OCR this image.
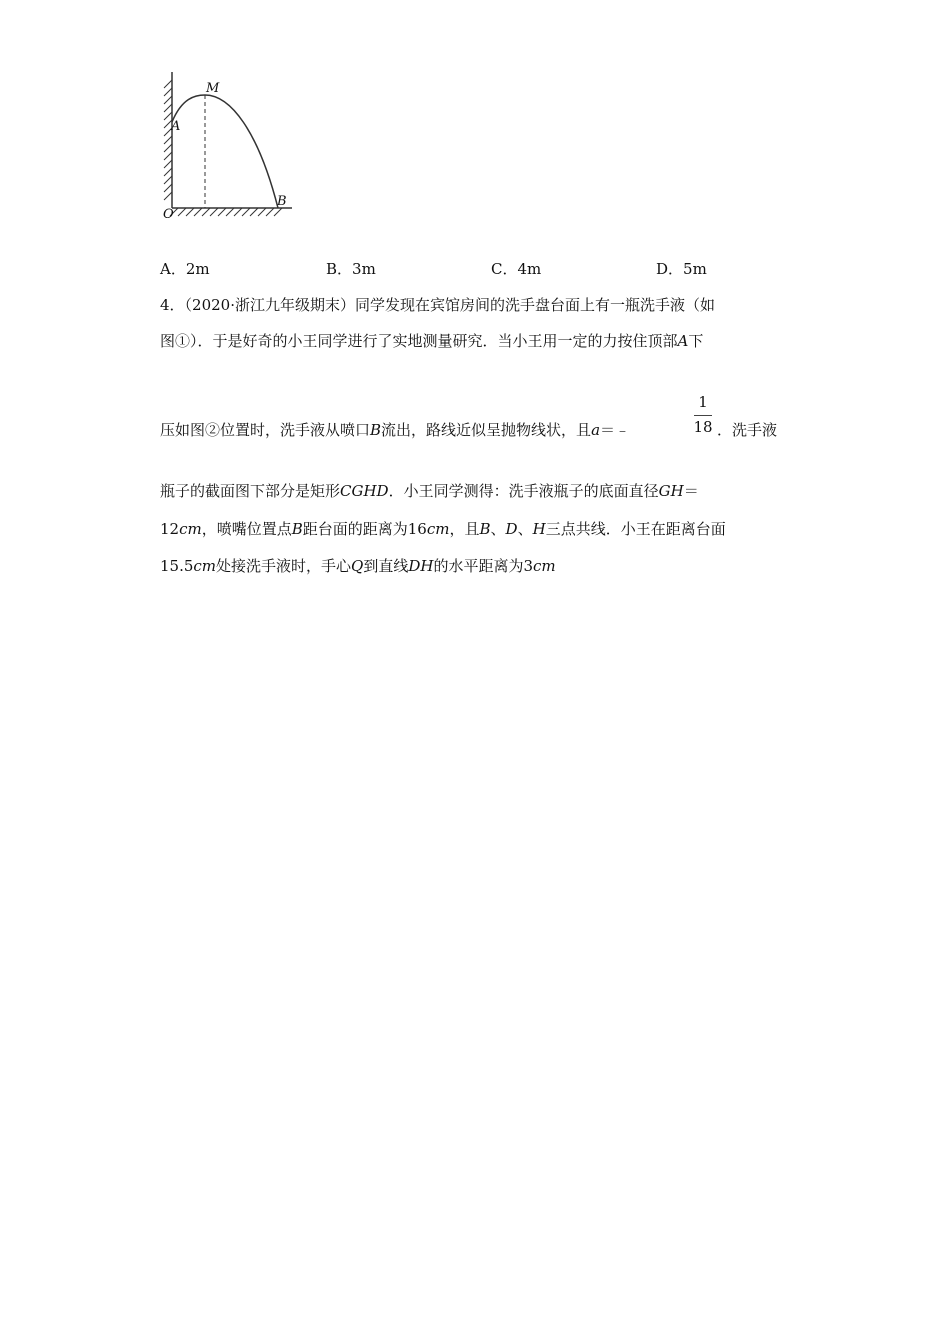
M
A
O
B
A．2m	B．3m	C．4m	D．5m
4．（2020·浙江九年级期末）同学发现在宾馆房间的洗手盘台面上有一瓶洗手液（如
图①）．于是好奇的小王同学进行了实地测量研究．当小王用一定的力按住顶部A下
压如图②位置时，洗手液从喷口B流出，路线近似呈抛物线状，且a＝﹣
1
18 ．洗手液
瓶子的截面图下部分是矩形CGHD．小王同学测得：洗手液瓶子的底面直径GH＝
12cm，喷嘴位置点B距台面的距离为16cm，且B、D、H三点共线．小王在距离台面
15.5cm处接洗手液时，手心Q到直线DH的水平距离为3cm
